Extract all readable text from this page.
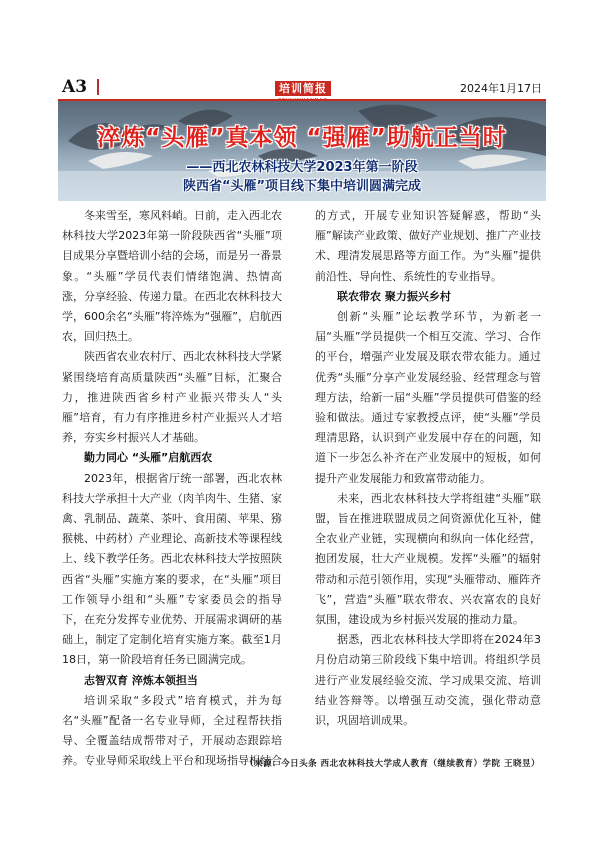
A3	培训简报	2024年1月17日
淬炼“头雁”真本领 “强雁”助航正当时
——西北农林科技大学2023年第一阶段
陕西省“头雁”项目线下集中培训圆满完成

冬来雪至，寒风料峭。日前，走入西北农林科技大学2023年第一阶段陕西省“头雁”项目成果分享暨培训小结的会场，而是另一番景象。“头雁”学员代表们情绪饱满、热情高涨，分享经验、传递力量。在西北农林科技大学，600余名“头雁”将淬炼为“强雁”，启航西农，回归热土。

陕西省农业农村厅、西北农林科技大学紧紧围绕培育高质量陕西“头雁”目标，汇聚合力，推进陕西省乡村产业振兴带头人“头雁”培育，有力有序推进乡村产业振兴人才培养，夯实乡村振兴人才基础。

勤力同心 “头雁”启航西农

2023年，根据省厅统一部署，西北农林科技大学承担十大产业（肉羊肉牛、生猪、家禽、乳制品、蔬菜、茶叶、食用菌、苹果、猕猴桃、中药材）产业理论、高新技术等课程线上、线下教学任务。西北农林科技大学按照陕西省“头雁”实施方案的要求，在“头雁”项目工作领导小组和“头雁”专家委员会的指导下，在充分发挥专业优势、开展需求调研的基础上，制定了定制化培育实施方案。截至1月18日，第一阶段培育任务已圆满完成。

志智双育 淬炼本领担当

培训采取“多段式”培育模式，并为每名“头雁”配备一名专业导师，全过程帮扶指导、全覆盖结成帮带对子，开展动态跟踪培养。专业导师采取线上平台和现场指导相结合

的方式，开展专业知识答疑解惑，帮助“头雁”解读产业政策、做好产业规划、推广产业技术、理清发展思路等方面工作。为“头雁”提供前沿性、导向性、系统性的专业指导。

联农带农 聚力振兴乡村

创新“头雁”论坛教学环节，为新老一届“头雁”学员提供一个相互交流、学习、合作的平台，增强产业发展及联农带农能力。通过优秀“头雁”分享产业发展经验、经营理念与管理方法，给新一届“头雁”学员提供可借鉴的经验和做法。通过专家教授点评，使“头雁”学员理清思路，认识到产业发展中存在的问题，知道下一步怎么补齐在产业发展中的短板，如何提升产业发展能力和致富带动能力。

未来，西北农林科技大学将组建“头雁”联盟，旨在推进联盟成员之间资源优化互补，健全农业产业链，实现横向和纵向一体化经营，抱团发展，壮大产业规模。发挥“头雁”的辐射带动和示范引领作用，实现“头雁带动、雁阵齐飞”，营造“头雁”联农带农、兴农富农的良好氛围，建设成为乡村振兴发展的推动力量。

据悉，西北农林科技大学即将在2024年3月份启动第三阶段线下集中培训。将组织学员进行产业发展经验交流、学习成果交流、培训结业答辩等。以增强互动交流，强化带动意识，巩固培训成果。

（来源：今日头条 西北农林科技大学成人教育（继续教育）学院 王晓昱）
